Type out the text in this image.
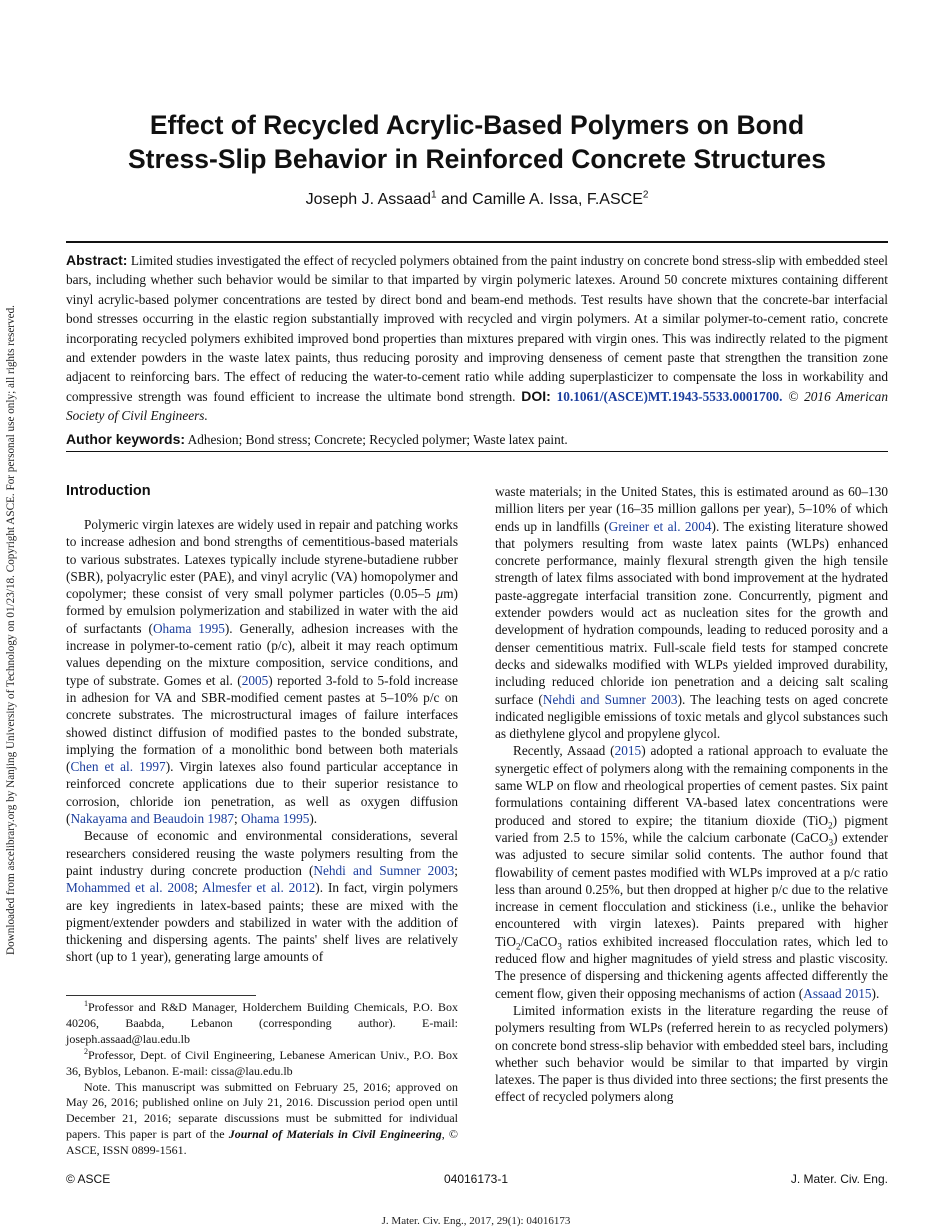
Downloaded from ascelibrary.org by Nanjing University of Technology on 01/23/18. Copyright ASCE. For personal use only; all rights reserved.
Effect of Recycled Acrylic-Based Polymers on Bond
Stress-Slip Behavior in Reinforced Concrete Structures
Joseph J. Assaad$^1$ and Camille A. Issa, F.ASCE$^2$
Abstract: Limited studies investigated the effect of recycled polymers obtained from the paint industry on concrete bond stress-slip with embedded steel bars, including whether such behavior would be similar to that imparted by virgin polymeric latexes. Around 50 concrete mixtures containing different vinyl acrylic-based polymer concentrations are tested by direct bond and beam-end methods. Test results have shown that the concrete-bar interfacial bond stresses occurring in the elastic region substantially improved with recycled and virgin polymers. At a similar polymer-to-cement ratio, concrete incorporating recycled polymers exhibited improved bond properties than mixtures prepared with virgin ones. This was indirectly related to the pigment and extender powders in the waste latex paints, thus reducing porosity and improving denseness of cement paste that strengthen the transition zone adjacent to reinforcing bars. The effect of reducing the water-to-cement ratio while adding superplasticizer to compensate the loss in workability and compressive strength was found efficient to increase the ultimate bond strength. DOI: 10.1061/(ASCE)MT.1943-5533.0001700. © 2016 American Society of Civil Engineers.
Author keywords: Adhesion; Bond stress; Concrete; Recycled polymer; Waste latex paint.
Introduction

Polymeric virgin latexes are widely used in repair and patching works to increase adhesion and bond strengths of cementitious-based materials to various substrates. Latexes typically include styrene-butadiene rubber (SBR), polyacrylic ester (PAE), and vinyl acrylic (VA) homopolymer and copolymer; these consist of very small polymer particles (0.05–5 μm) formed by emulsion polymerization and stabilized in water with the aid of surfactants (Ohama 1995). Generally, adhesion increases with the increase in polymer-to-cement ratio (p/c), albeit it may reach optimum values depending on the mixture composition, service conditions, and type of substrate. Gomes et al. (2005) reported 3-fold to 5-fold increase in adhesion for VA and SBR-modified cement pastes at 5–10% p/c on concrete substrates. The microstructural images of failure interfaces showed distinct diffusion of modified pastes to the bonded substrate, implying the formation of a monolithic bond between both materials (Chen et al. 1997). Virgin latexes also found particular acceptance in reinforced concrete applications due to their superior resistance to corrosion, chloride ion penetration, as well as oxygen diffusion (Nakayama and Beaudoin 1987; Ohama 1995).

Because of economic and environmental considerations, several researchers considered reusing the waste polymers resulting from the paint industry during concrete production (Nehdi and Sumner 2003; Mohammed et al. 2008; Almesfer et al. 2012). In fact, virgin polymers are key ingredients in latex-based paints; these are mixed with the pigment/extender powders and stabilized in water with the addition of thickening and dispersing agents. The paints' shelf lives are relatively short (up to 1 year), generating large amounts of

$^1$Professor and R&D Manager, Holderchem Building Chemicals, P.O. Box 40206, Baabda, Lebanon (corresponding author). E-mail: joseph.assaad@lau.edu.lb

$^2$Professor, Dept. of Civil Engineering, Lebanese American Univ., P.O. Box 36, Byblos, Lebanon. E-mail: cissa@lau.edu.lb

Note. This manuscript was submitted on February 25, 2016; approved on May 26, 2016; published online on July 21, 2016. Discussion period open until December 21, 2016; separate discussions must be submitted for individual papers. This paper is part of the Journal of Materials in Civil Engineering, © ASCE, ISSN 0899-1561.

waste materials; in the United States, this is estimated around as 60–130 million liters per year (16–35 million gallons per year), 5–10% of which ends up in landfills (Greiner et al. 2004). The existing literature showed that polymers resulting from waste latex paints (WLPs) enhanced concrete performance, mainly flexural strength given the high tensile strength of latex films associated with bond improvement at the hydrated paste-aggregate interfacial transition zone. Concurrently, pigment and extender powders would act as nucleation sites for the growth and development of hydration compounds, leading to reduced porosity and a denser cementitious matrix. Full-scale field tests for stamped concrete decks and sidewalks modified with WLPs yielded improved durability, including reduced chloride ion penetration and a deicing salt scaling surface (Nehdi and Sumner 2003). The leaching tests on aged concrete indicated negligible emissions of toxic metals and glycol substances such as diethylene glycol and propylene glycol.

Recently, Assaad (2015) adopted a rational approach to evaluate the synergetic effect of polymers along with the remaining components in the same WLP on flow and rheological properties of cement pastes. Six paint formulations containing different VA-based latex concentrations were produced and stored to expire; the titanium dioxide (TiO$_2$) pigment varied from 2.5 to 15%, while the calcium carbonate (CaCO$_3$) extender was adjusted to secure similar solid contents. The author found that flowability of cement pastes modified with WLPs improved at a p/c ratio less than around 0.25%, but then dropped at higher p/c due to the relative increase in cement flocculation and stickiness (i.e., unlike the behavior encountered with virgin latexes). Paints prepared with higher TiO$_2$/CaCO$_3$ ratios exhibited increased flocculation rates, which led to reduced flow and higher magnitudes of yield stress and plastic viscosity. The presence of dispersing and thickening agents affected differently the cement flow, given their opposing mechanisms of action (Assaad 2015).

Limited information exists in the literature regarding the reuse of polymers resulting from WLPs (referred herein to as recycled polymers) on concrete bond stress-slip behavior with embedded steel bars, including whether such behavior would be similar to that imparted by virgin latexes. The paper is thus divided into three sections; the first presents the effect of recycled polymers along

© ASCE	04016173-1	J. Mater. Civ. Eng.
J. Mater. Civ. Eng., 2017, 29(1): 04016173
